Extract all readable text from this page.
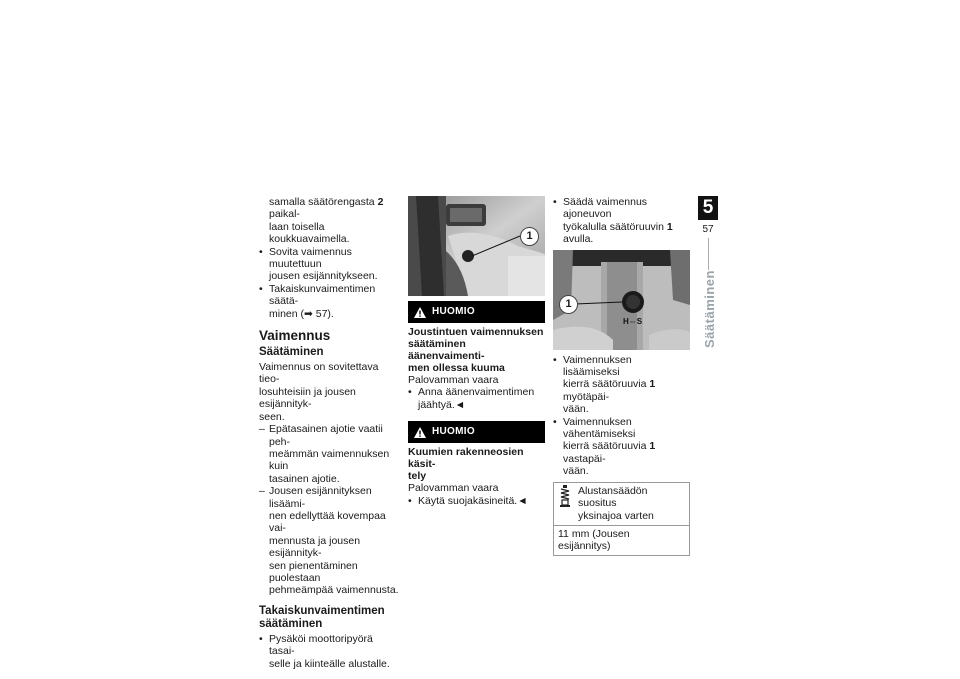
samalla säätörengasta 2 paikal-
laan toisella koukkuavaimella.

• Sovita vaimennus muutettuun
jousen esijännitykseen.

• Takaiskunvaimentimen säätä-
minen (➡ 57).

Vaimennus
Säätäminen

Vaimennus on sovitettava tieo-
losuhteisiin ja jousen esijännityk-
seen.

– Epätasainen ajotie vaatii peh-
meämmän vaimennuksen kuin
tasainen ajotie.

– Jousen esijännityksen lisäämi-
nen edellyttää kovempaa vai-
mennusta ja jousen esijännityk-
sen pienentäminen puolestaan
pehmeämpää vaimennusta.

Takaiskunvaimentimen
säätäminen

• Pysäköi moottoripyörä tasai-
selle ja kiinteälle alustalle.

1
HUOMIO
Joustintuen vaimennuksen
säätäminen äänenvaimenti-
men ollessa kuuma

Palovamman vaara

• Anna äänenvaimentimen
jäähtyä.◄

HUOMIO
Kuumien rakenneosien käsit-
tely

Palovamman vaara

• Käytä suojakäsineitä.◄

• Säädä vaimennus ajoneuvon
työkalulla säätöruuvin 1 avulla.

1
H⇔S

• Vaimennuksen lisäämiseksi
kierrä säätöruuvia 1 myötäpäi-
vään.

• Vaimennuksen vähentämiseksi
kierrä säätöruuvia 1 vastapäi-
vään.

Alustansäädön suositus
yksinajoa varten
11 mm (Jousen esijännitys)
5
57
Säätäminen
